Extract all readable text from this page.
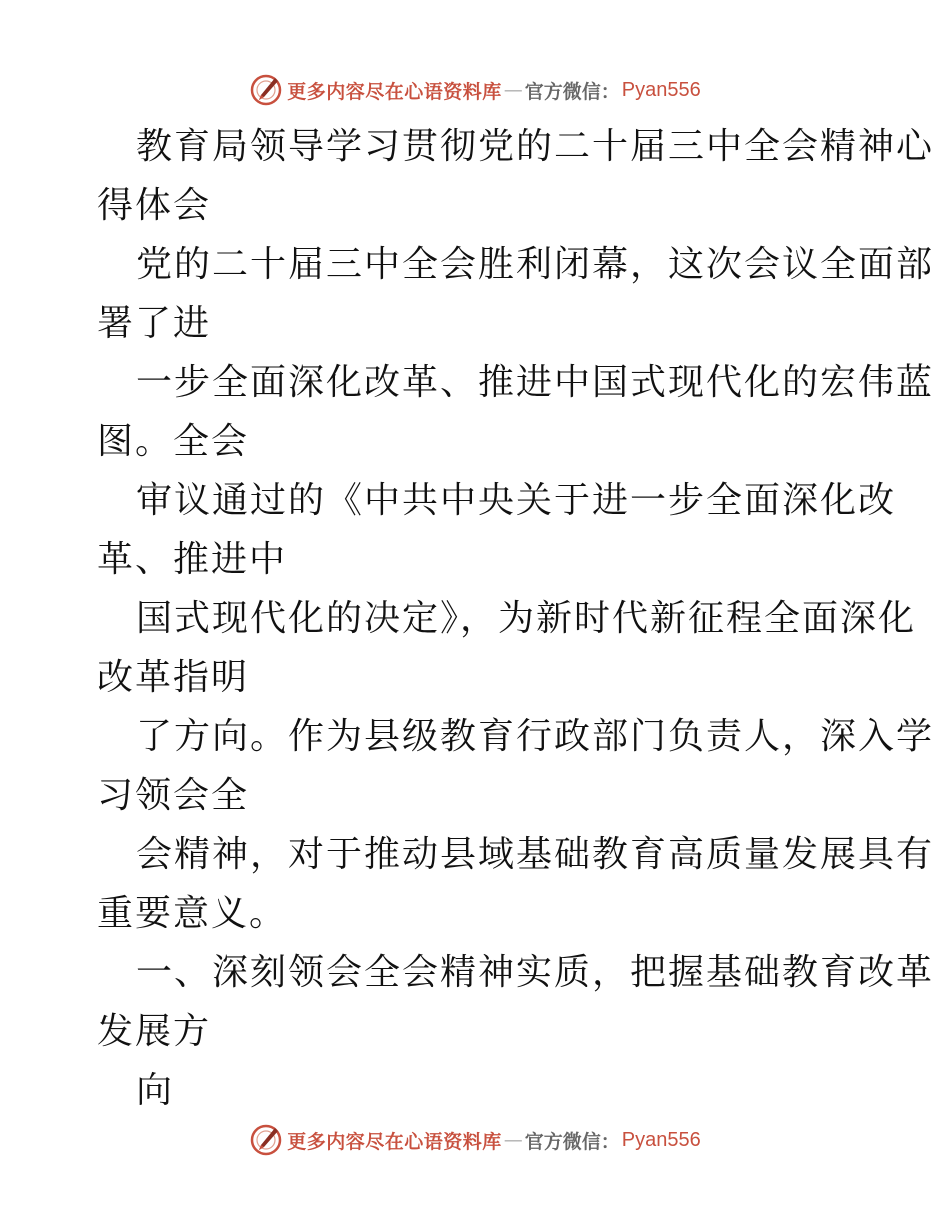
更多内容尽在心语资料库 — 官方微信： Pyan556

教育局领导学习贯彻党的二十届三中全会精神心

得体会

党的二十届三中全会胜利闭幕，这次会议全面部

署了进

一步全面深化改革、推进中国式现代化的宏伟蓝

图。全会

审议通过的《中共中央关于进一步全面深化改

革、推进中

国式现代化的决定》，为新时代新征程全面深化

改革指明

了方向。作为县级教育行政部门负责人，深入学

习领会全

会精神，对于推动县域基础教育高质量发展具有

重要意义。

一、深刻领会全会精神实质，把握基础教育改革

发展方

向

更多内容尽在心语资料库 — 官方微信： Pyan556
